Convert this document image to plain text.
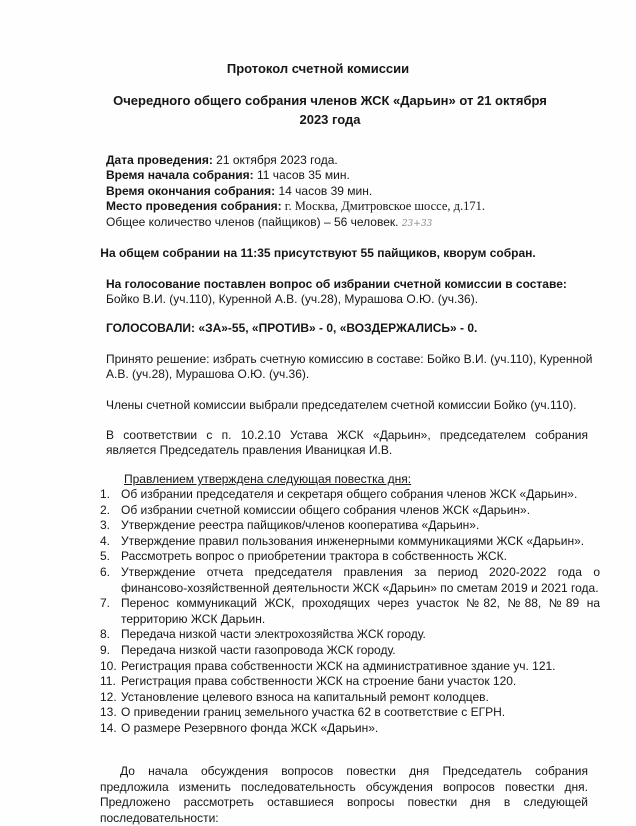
Протокол счетной комиссии
Очередного общего собрания членов ЖСК «Дарьин» от 21 октября 2023 года
Дата проведения: 21 октября 2023 года.
Время начала собрания: 11 часов 35 мин.
Время окончания собрания: 14 часов 39 мин.
Место проведения собрания: г. Москва, Дмитровское шоссе, д.171.
Общее количество членов (пайщиков) – 56 человек. 23+33
На общем собрании на 11:35 присутствуют 55 пайщиков, кворум собран.
На голосование поставлен вопрос об избрании счетной комиссии в составе:
Бойко В.И. (уч.110), Куренной А.В. (уч.28), Мурашова О.Ю. (уч.36).
ГОЛОСОВАЛИ: «ЗА»-55, «ПРОТИВ» - 0, «ВОЗДЕРЖАЛИСЬ» - 0.
Принято решение: избрать счетную комиссию в составе: Бойко В.И. (уч.110), Куренной А.В. (уч.28), Мурашова О.Ю. (уч.36).
Члены счетной комиссии выбрали председателем счетной комиссии Бойко (уч.110).
В соответствии с п. 10.2.10 Устава ЖСК «Дарьин», председателем собрания является Председатель правления Иваницкая И.В.
Правлением утверждена следующая повестка дня:
1. Об избрании председателя и секретаря общего собрания членов ЖСК «Дарьин».
2. Об избрании счетной комиссии общего собрания членов ЖСК «Дарьин».
3. Утверждение реестра пайщиков/членов кооператива «Дарьин».
4. Утверждение правил пользования инженерными коммуникациями ЖСК «Дарьин».
5. Рассмотреть вопрос о приобретении трактора в собственность ЖСК.
6. Утверждение отчета председателя правления за период 2020-2022 года о финансово-хозяйственной деятельности ЖСК «Дарьин» по сметам 2019 и 2021 года.
7. Перенос коммуникаций ЖСК, проходящих через участок №82, №88, №89 на территорию ЖСК Дарьин.
8. Передача низкой части электрохозяйства ЖСК городу.
9. Передача низкой части газопровода ЖСК городу.
10. Регистрация права собственности ЖСК на административное здание уч. 121.
11. Регистрация права собственности ЖСК на строение бани участок 120.
12. Установление целевого взноса на капитальный ремонт колодцев.
13. О приведении границ земельного участка 62 в соответствие с ЕГРН.
14. О размере Резервного фонда ЖСК «Дарьин».
До начала обсуждения вопросов повестки дня Председатель собрания предложила изменить последовательность обсуждения вопросов повестки дня. Предложено рассмотреть оставшиеся вопросы повестки дня в следующей последовательности:
